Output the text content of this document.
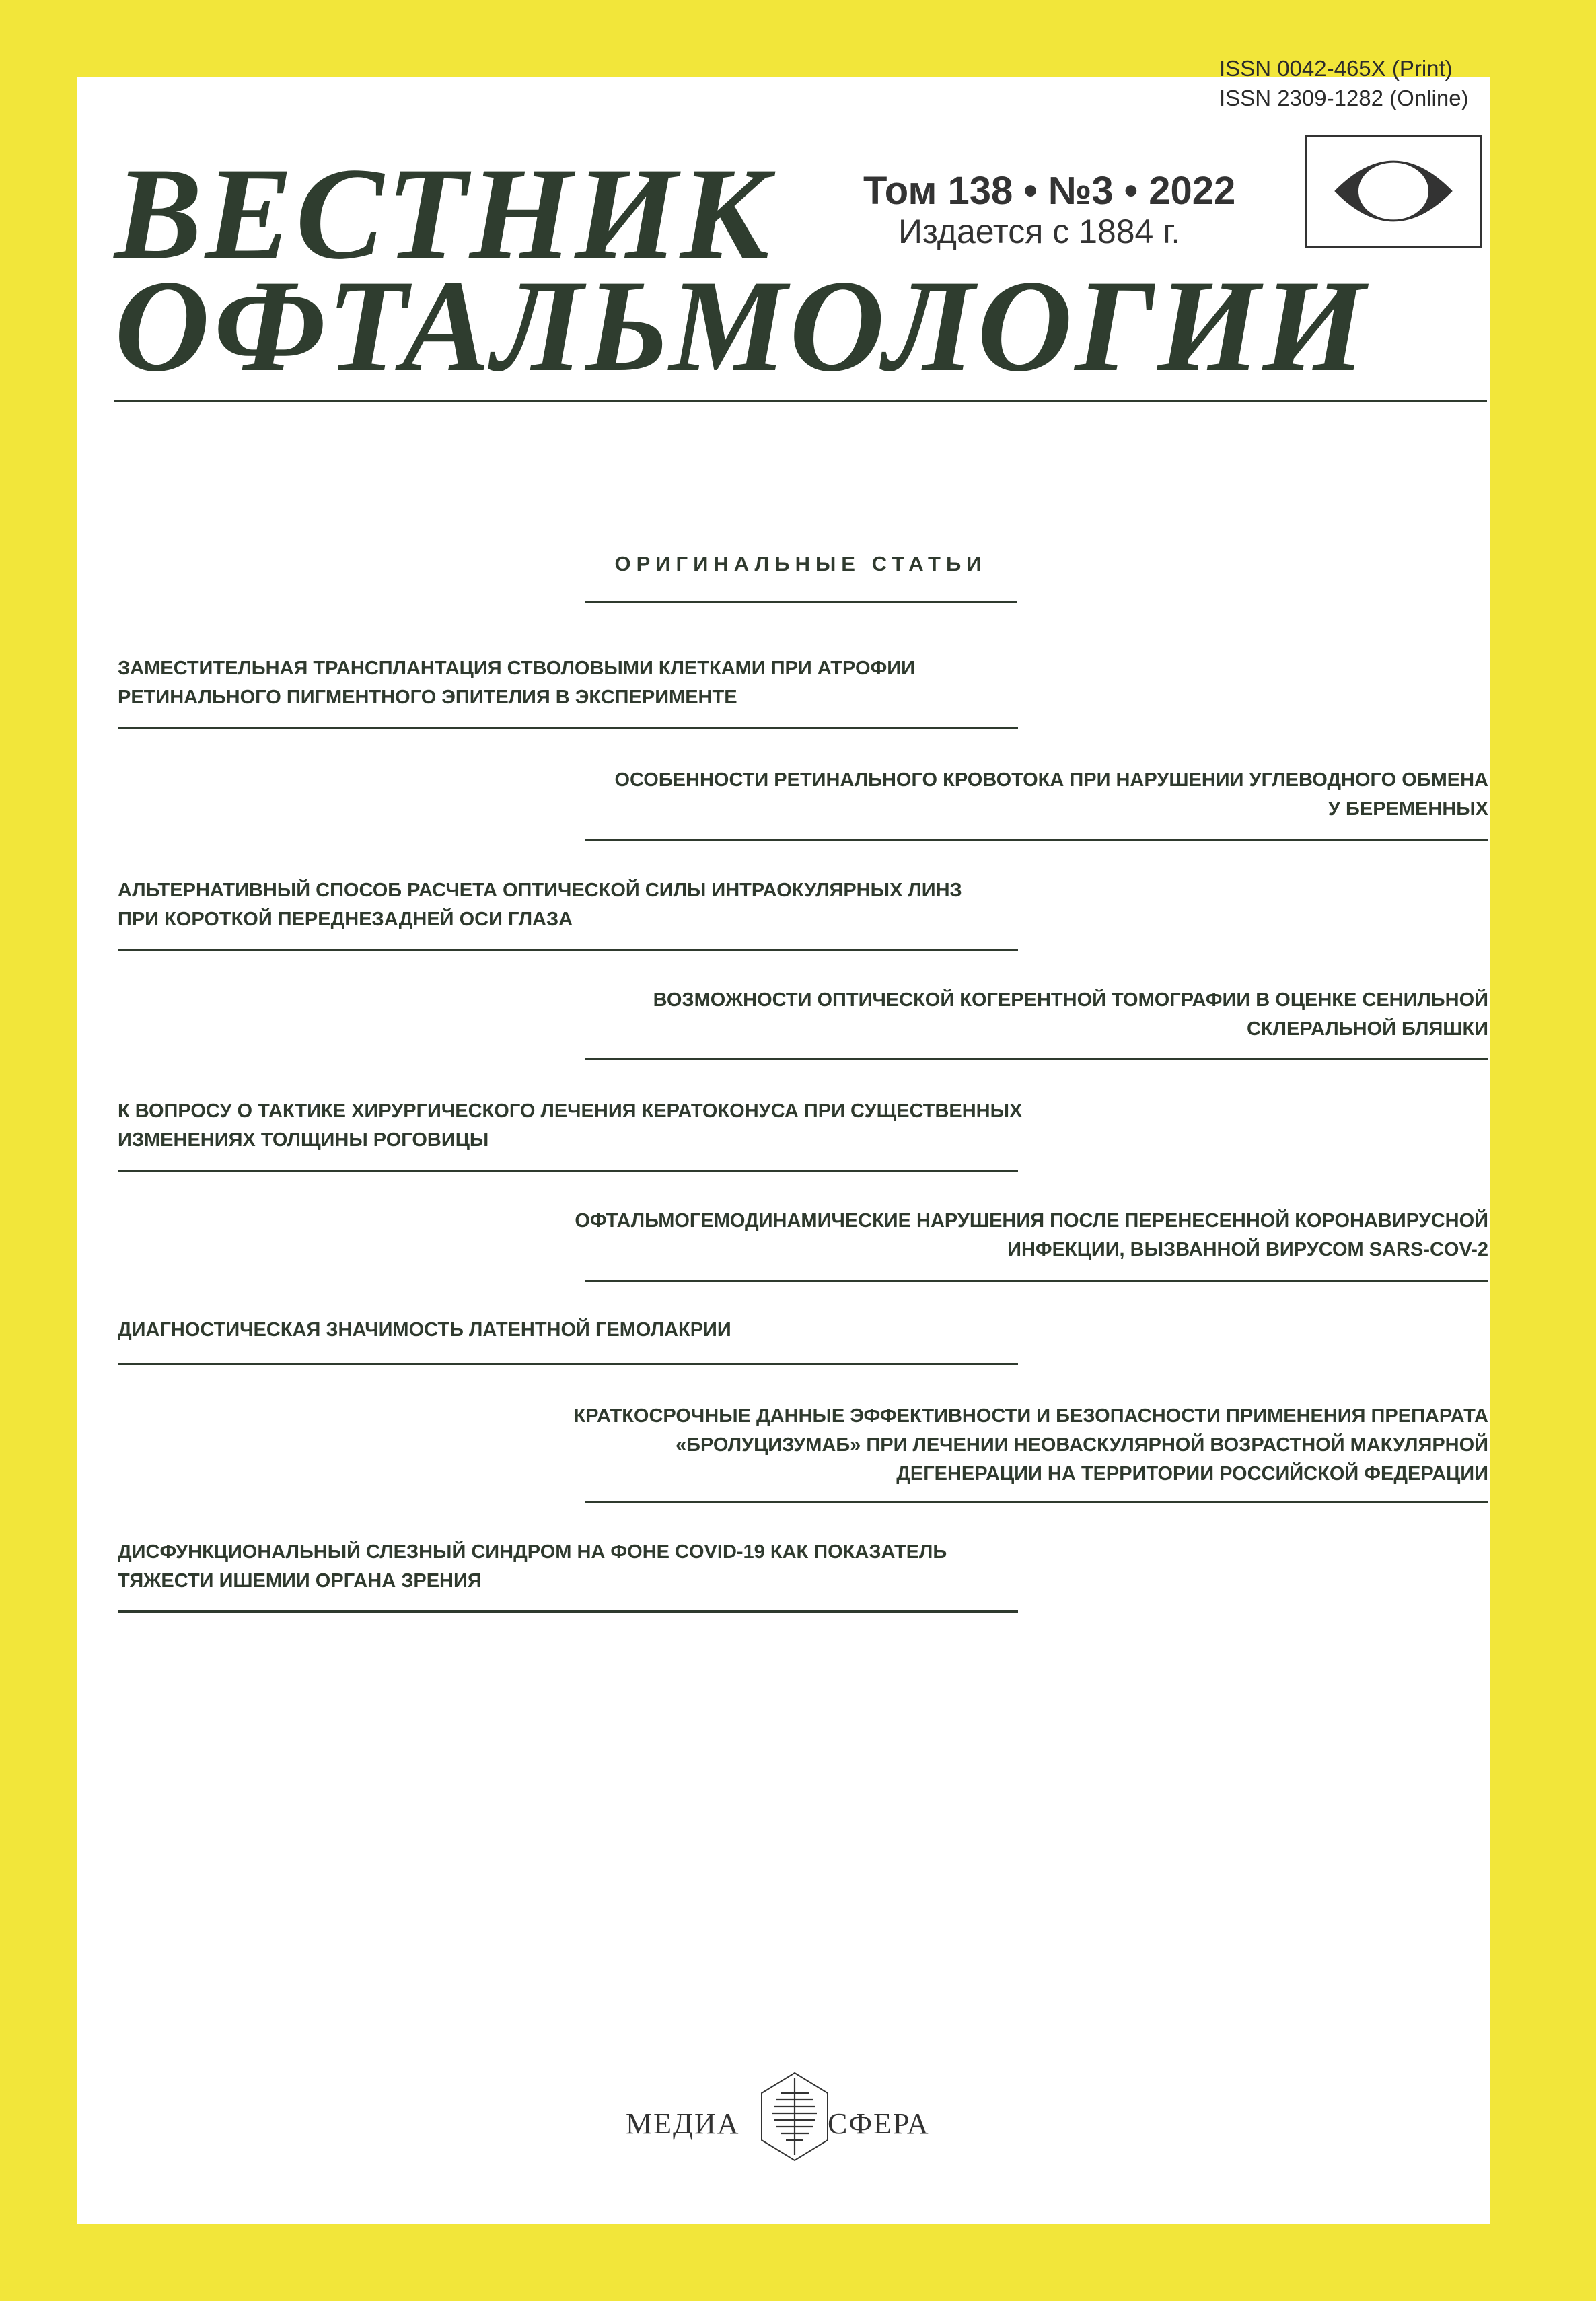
ISSN 0042-465X (Print)
ISSN 2309-1282 (Online)
ВЕСТНИК
ОФТАЛЬМОЛОГИИ
Том 138 • №3 • 2022
Издается с 1884 г.
ОРИГИНАЛЬНЫЕ СТАТЬИ
ЗАМЕСТИТЕЛЬНАЯ ТРАНСПЛАНТАЦИЯ СТВОЛОВЫМИ КЛЕТКАМИ ПРИ АТРОФИИ
РЕТИНАЛЬНОГО ПИГМЕНТНОГО ЭПИТЕЛИЯ В ЭКСПЕРИМЕНТЕ
ОСОБЕННОСТИ РЕТИНАЛЬНОГО КРОВОТОКА ПРИ НАРУШЕНИИ УГЛЕВОДНОГО ОБМЕНА
У БЕРЕМЕННЫХ
АЛЬТЕРНАТИВНЫЙ СПОСОБ РАСЧЕТА ОПТИЧЕСКОЙ СИЛЫ ИНТРАОКУЛЯРНЫХ ЛИНЗ
ПРИ КОРОТКОЙ ПЕРЕДНЕЗАДНЕЙ ОСИ ГЛАЗА
ВОЗМОЖНОСТИ ОПТИЧЕСКОЙ КОГЕРЕНТНОЙ ТОМОГРАФИИ В ОЦЕНКЕ СЕНИЛЬНОЙ
СКЛЕРАЛЬНОЙ БЛЯШКИ
К ВОПРОСУ О ТАКТИКЕ ХИРУРГИЧЕСКОГО ЛЕЧЕНИЯ КЕРАТОКОНУСА ПРИ СУЩЕСТВЕННЫХ
ИЗМЕНЕНИЯХ ТОЛЩИНЫ РОГОВИЦЫ
ОФТАЛЬМОГЕМОДИНАМИЧЕСКИЕ НАРУШЕНИЯ ПОСЛЕ ПЕРЕНЕСЕННОЙ КОРОНАВИРУСНОЙ
ИНФЕКЦИИ, ВЫЗВАННОЙ ВИРУСОМ SARS-COV-2
ДИАГНОСТИЧЕСКАЯ ЗНАЧИМОСТЬ ЛАТЕНТНОЙ ГЕМОЛАКРИИ
КРАТКОСРОЧНЫЕ ДАННЫЕ ЭФФЕКТИВНОСТИ И БЕЗОПАСНОСТИ ПРИМЕНЕНИЯ ПРЕПАРАТА
«БРОЛУЦИЗУМАБ» ПРИ ЛЕЧЕНИИ НЕОВАСКУЛЯРНОЙ ВОЗРАСТНОЙ МАКУЛЯРНОЙ
ДЕГЕНЕРАЦИИ НА ТЕРРИТОРИИ РОССИЙСКОЙ ФЕДЕРАЦИИ
ДИСФУНКЦИОНАЛЬНЫЙ СЛЕЗНЫЙ СИНДРОМ НА ФОНЕ COVID-19 КАК ПОКАЗАТЕЛЬ
ТЯЖЕСТИ ИШЕМИИ ОРГАНА ЗРЕНИЯ
МЕДИА	СФЕРА
